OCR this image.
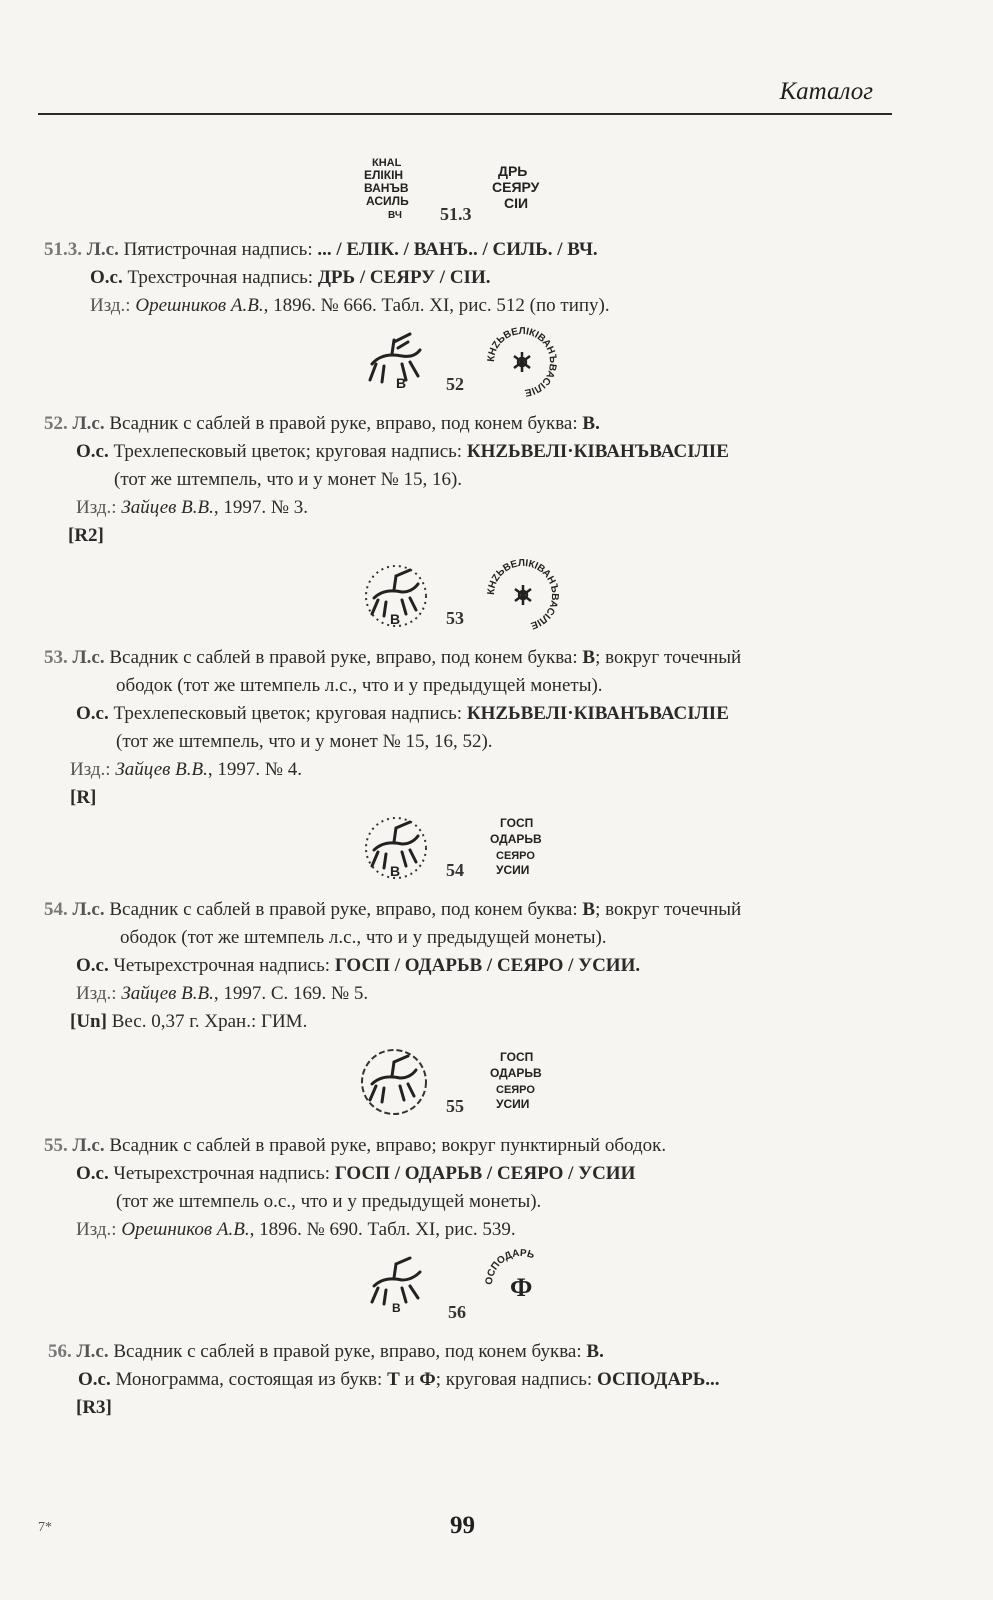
Каталог
КНАL
ЕЛІКІН
ВАНЪВ
АСИЛЬ
ВЧ 51.3
ДРЬ
СЕЯРУ
СІИ
51.3. Л.с. Пятистрочная надпись: ... / ЕЛІК. / ВАНЪ.. / СИЛЬ. / ВЧ.
О.с. Трехстрочная надпись: ДРЬ / СЕЯРУ / СІИ.
Изд.: Орешников А.В., 1896. № 666. Табл. XI, рис. 512 (по типу).
В 52
КНZЬВЕЛІКІВАНЪВАСІЛІЕ
52. Л.с. Всадник с саблей в правой руке, вправо, под конем буква: В.
О.с. Трехлепесковый цветок; круговая надпись: КНZЬВЕЛІ·КІВАНЪВАСІЛІЕ
(тот же штемпель, что и у монет № 15, 16).
Изд.: Зайцев В.В., 1997. № 3.
[R2]
В	53
КНZЬВЕЛІКІВАНЪВАСІЛІЕ
53. Л.с. Всадник с саблей в правой руке, вправо, под конем буква: В; вокруг точечный
ободок (тот же штемпель л.с., что и у предыдущей монеты).
О.с. Трехлепесковый цветок; круговая надпись: КНZЬВЕЛІ·КІВАНЪВАСІЛІЕ
(тот же штемпель, что и у монет № 15, 16, 52).
Изд.: Зайцев В.В., 1997. № 4.
[R]
В	54
ГОСП
ОДАРЬВ
СЕЯРО
УСИИ
54. Л.с. Всадник с саблей в правой руке, вправо, под конем буква: В; вокруг точечный
ободок (тот же штемпель л.с., что и у предыдущей монеты).
О.с. Четырехстрочная надпись: ГОСП / ОДАРЬВ / СЕЯРО / УСИИ.
Изд.: Зайцев В.В., 1997. С. 169. № 5.
[Un] Вес. 0,37 г. Хран.: ГИМ.
55
ГОСП
ОДАРЬВ
СЕЯРО
УСИИ
55. Л.с. Всадник с саблей в правой руке, вправо; вокруг пунктирный ободок.
О.с. Четырехстрочная надпись: ГОСП / ОДАРЬВ / СЕЯРО / УСИИ
(тот же штемпель о.с., что и у предыдущей монеты).
Изд.: Орешников А.В., 1896. № 690. Табл. XI, рис. 539.
В	56
ОСПОДАРЬ
Ф
56. Л.с. Всадник с саблей в правой руке, вправо, под конем буква: В.
О.с. Монограмма, состоящая из букв: Т и Ф; круговая надпись: ОСПОДАРЬ...
[R3]
7*	99
